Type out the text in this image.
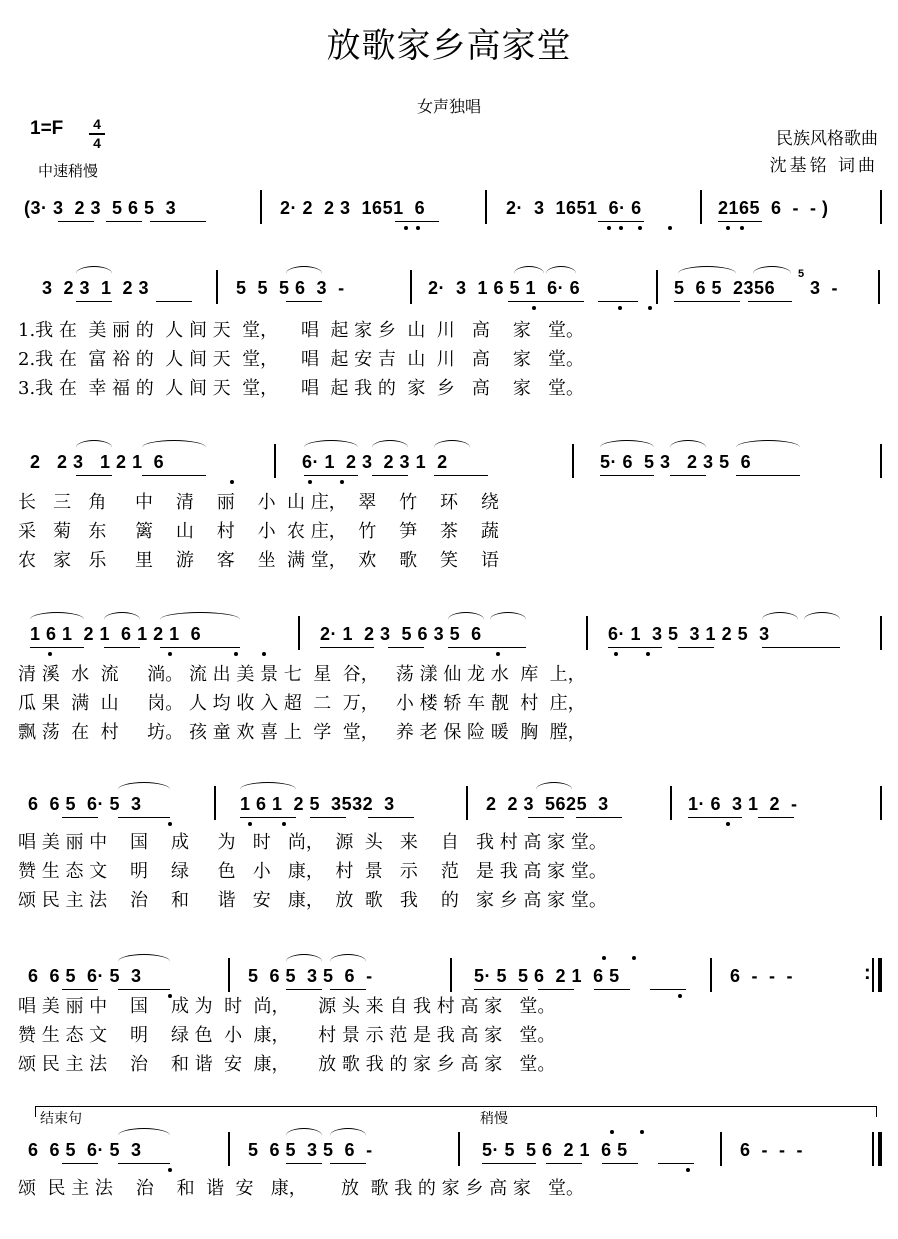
放歌家乡高家堂
女声独唱
$1=F \frac{4}{4}$
中速稍慢
民族风格歌曲
沈基铭 词曲
(3· 3  2 3  5 6 5  3	2· 2  2 3  1651  6	2·  3  1651  6· 6	2165  6  -  - )
3  2 3  1  2 3	5  5  5 6  3  -	2·  3  1 6 5 1  6· 6	5  6 5  2356
5
3  -
1.我 在  美 丽 的  人 间 天  堂，    唱  起 家 乡  山  川   高    家   堂。
2.我 在  富 裕 的  人 间 天  堂，    唱  起 安 吉  山  川   高    家   堂。
3.我 在  幸 福 的  人 间 天  堂，    唱  起 我 的  家  乡   高    家   堂。
2   2 3   1 2 1  6	6· 1  2 3  2 3 1  2	5· 6  5 3   2 3 5  6
长   三   角     中    清    丽    小  山 庄，  翠    竹    环    绕
采   菊   东     篱    山    村    小  农 庄，  竹    笋    茶    蔬
农   家   乐     里    游    客    坐  满 堂，  欢    歌    笑    语
1 6 1  2 1  6 1 2 1  6	2· 1  2 3  5 6 3 5  6	6· 1  3 5  3 1 2 5  3
清 溪  水  流     淌。 流 出 美 景 七  星  谷，   荡 漾 仙 龙 水  库  上，
瓜 果  满  山     岗。 人 均 收 入 超  二  万，   小 楼 轿 车 靓  村  庄，
飘 荡  在  村     坊。 孩 童 欢 喜 上  学  堂，   养 老 保 险 暖  胸  膛，
6  6 5  6· 5  3	1 6 1  2 5  3532  3	2  2 3  5625  3	1· 6  3 1  2  -
唱 美 丽 中    国    成     为   时   尚，  源  头   来    自   我 村 高 家 堂。
赞 生 态 文    明    绿     色   小   康，  村  景   示    范   是 我 高 家 堂。
颂 民 主 法    治    和     谐   安   康，  放  歌   我    的   家 乡 高 家 堂。
6  6 5  6· 5  3	5  6 5  3 5  6  -	5· 5  5 6  2 1  6 5	6  -  -  -	:
唱 美 丽 中    国    成 为  时  尚，     源 头 来 自 我 村 高 家   堂。
赞 生 态 文    明    绿 色  小  康，     村 景 示 范 是 我 高 家   堂。
颂 民 主 法    治    和 谐  安  康，     放 歌 我 的 家 乡 高 家   堂。
结束句	稍慢
6  6 5  6· 5  3	5  6 5  3 5  6  -	5· 5  5 6  2 1  6 5	6  -  -  -
颂  民 主 法    治    和  谐  安   康，      放  歌 我 的 家 乡 高 家   堂。
